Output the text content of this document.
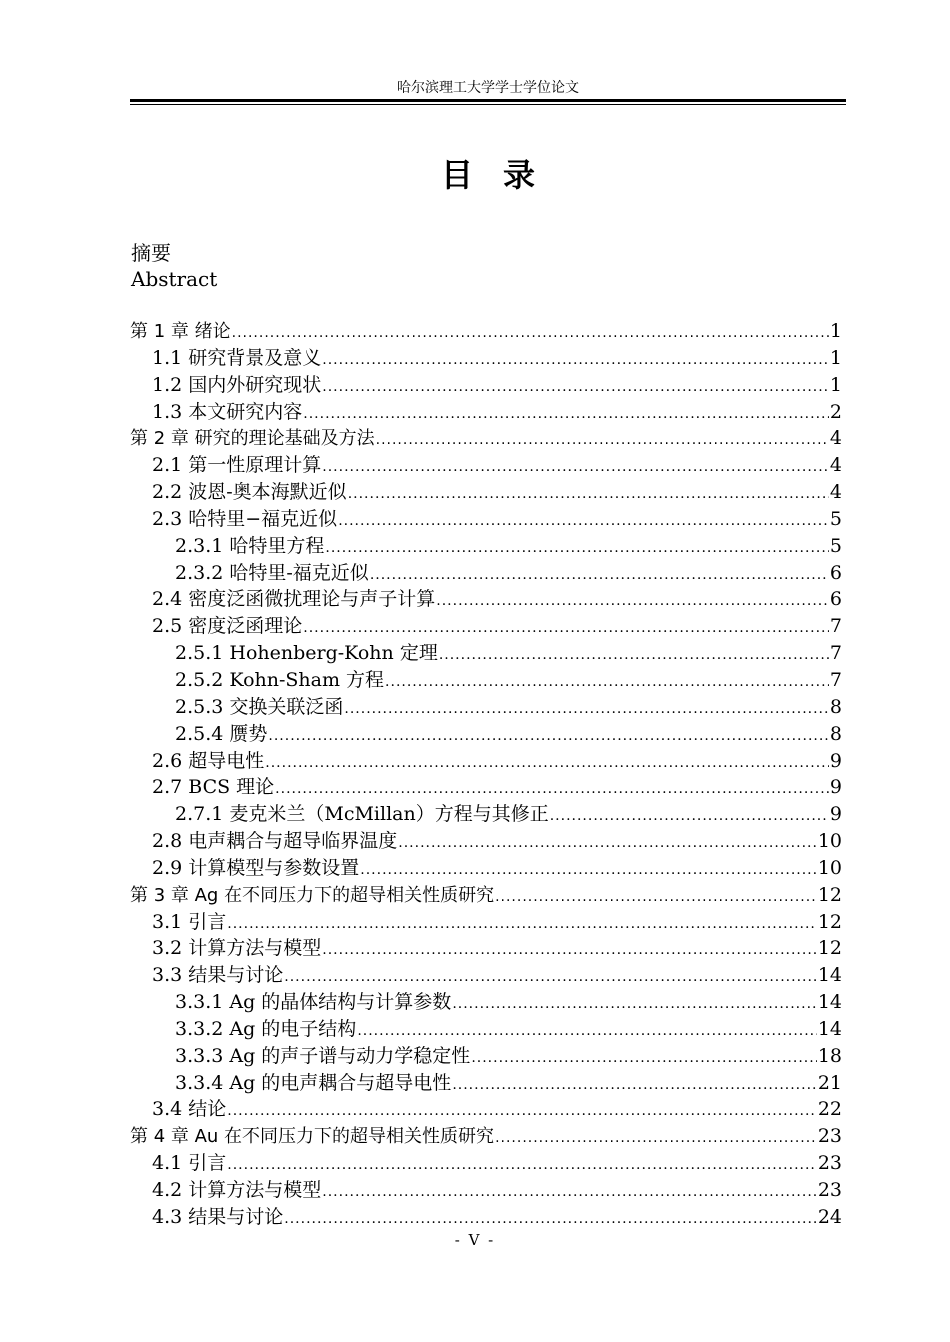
哈尔滨理工大学学士学位论文
目录
摘要
Abstract
第 1 章 绪论 .....	1
1.1 研究背景及意义 .....	1
1.2 国内外研究现状 .....	1
1.3 本文研究内容 .....	2
第 2 章 研究的理论基础及方法 .....	4
2.1 第一性原理计算 .....	4
2.2 波恩-奥本海默近似 .....	4
2.3 哈特里−福克近似 .....	5
2.3.1 哈特里方程 .....	5
2.3.2 哈特里-福克近似 .....	6
2.4 密度泛函微扰理论与声子计算 .....	6
2.5 密度泛函理论 .....	7
2.5.1 Hohenberg-Kohn 定理 .....	7
2.5.2 Kohn-Sham 方程 .....	7
2.5.3 交换关联泛函 .....	8
2.5.4 赝势 .....	8
2.6 超导电性 .....	9
2.7 BCS 理论 .....	9
2.7.1 麦克米兰（McMillan）方程与其修正 .....	9
2.8 电声耦合与超导临界温度 .....	10
2.9 计算模型与参数设置 .....	10
第 3 章 Ag 在不同压力下的超导相关性质研究 .....	12
3.1 引言 .....	12
3.2 计算方法与模型 .....	12
3.3 结果与讨论 .....	14
3.3.1 Ag 的晶体结构与计算参数 .....	14
3.3.2 Ag 的电子结构 .....	14
3.3.3 Ag 的声子谱与动力学稳定性 .....	18
3.3.4 Ag 的电声耦合与超导电性 .....	21
3.4 结论 .....	22
第 4 章 Au 在不同压力下的超导相关性质研究 .....	23
4.1 引言 .....	23
4.2 计算方法与模型 .....	23
4.3 结果与讨论 .....	24
- V -
